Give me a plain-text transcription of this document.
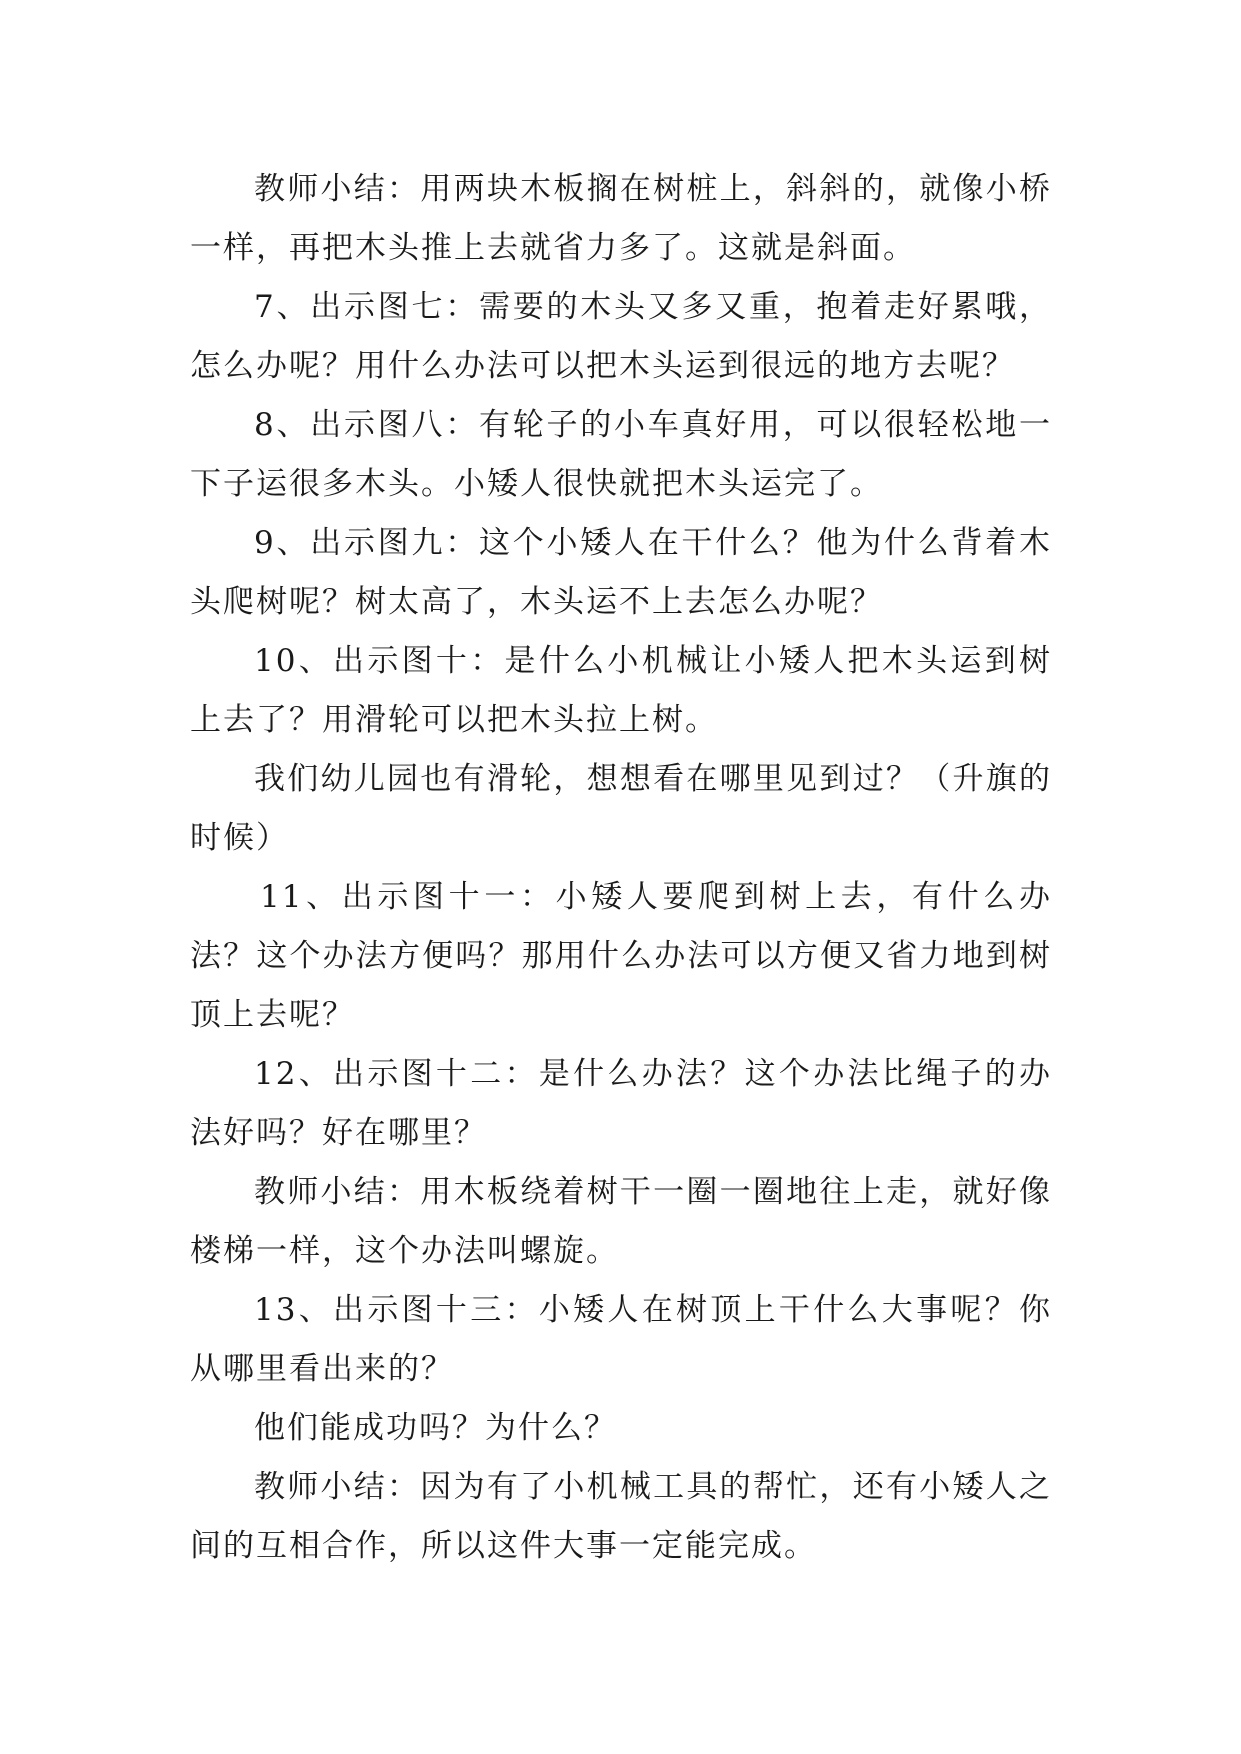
教师小结：用两块木板搁在树桩上，斜斜的，就像小桥一样，再把木头推上去就省力多了。这就是斜面。

7、出示图七：需要的木头又多又重，抱着走好累哦，怎么办呢？用什么办法可以把木头运到很远的地方去呢？

8、出示图八：有轮子的小车真好用，可以很轻松地一下子运很多木头。小矮人很快就把木头运完了。

9、出示图九：这个小矮人在干什么？他为什么背着木头爬树呢？树太高了，木头运不上去怎么办呢？

10、出示图十：是什么小机械让小矮人把木头运到树上去了？用滑轮可以把木头拉上树。

我们幼儿园也有滑轮，想想看在哪里见到过？（升旗的时候）

11、出示图十一：小矮人要爬到树上去，有什么办法？这个办法方便吗？那用什么办法可以方便又省力地到树顶上去呢？

12、出示图十二：是什么办法？这个办法比绳子的办法好吗？好在哪里？

教师小结：用木板绕着树干一圈一圈地往上走，就好像楼梯一样，这个办法叫螺旋。

13、出示图十三：小矮人在树顶上干什么大事呢？你从哪里看出来的？

他们能成功吗？为什么？

教师小结：因为有了小机械工具的帮忙，还有小矮人之间的互相合作，所以这件大事一定能完成。
